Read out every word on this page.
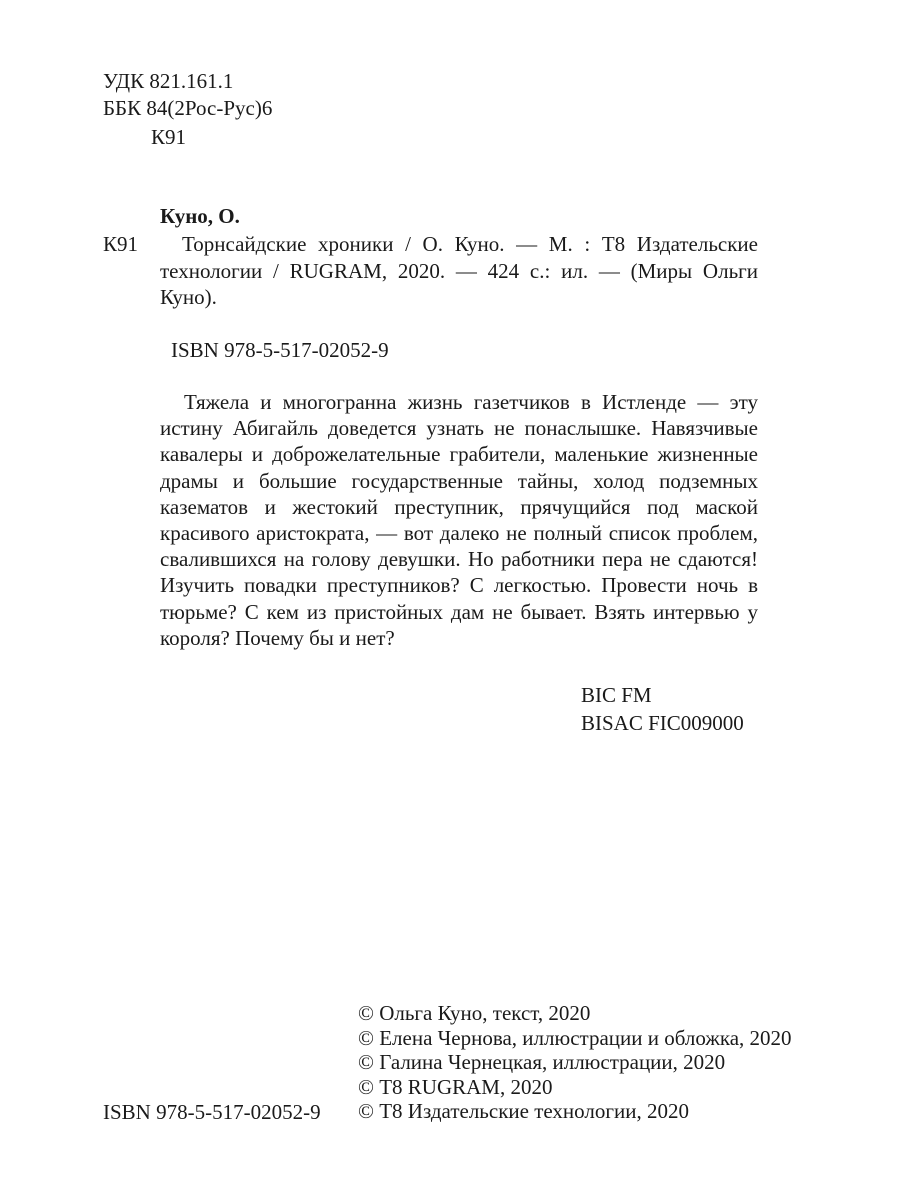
УДК 821.161.1
ББК 84(2Рос-Рус)6
К91
Куно, О.
К91	Торнсайдские хроники / О. Куно. — М. : Т8 Издательские технологии / RUGRAM, 2020. — 424 с.: ил. — (Миры Ольги Куно).
ISBN 978-5-517-02052-9
Тяжела и многогранна жизнь газетчиков в Истленде — эту истину Абигайль доведется узнать не понаслышке. Навязчивые кавалеры и доброжелательные грабители, маленькие жизненные драмы и большие государственные тайны, холод подземных казематов и жестокий преступник, прячущийся под маской красивого аристократа, — вот далеко не полный список проблем, свалившихся на голову девушки. Но работники пера не сдаются! Изучить повадки преступников? С легкостью. Провести ночь в тюрьме? С кем из пристойных дам не бывает. Взять интервью у короля? Почему бы и нет?
BIC FM
BISAC FIC009000
© Ольга Куно, текст, 2020
© Елена Чернова, иллюстрации и обложка, 2020
© Галина Чернецкая, иллюстрации, 2020
© Т8 RUGRAM, 2020
© Т8 Издательские технологии, 2020
ISBN 978-5-517-02052-9
